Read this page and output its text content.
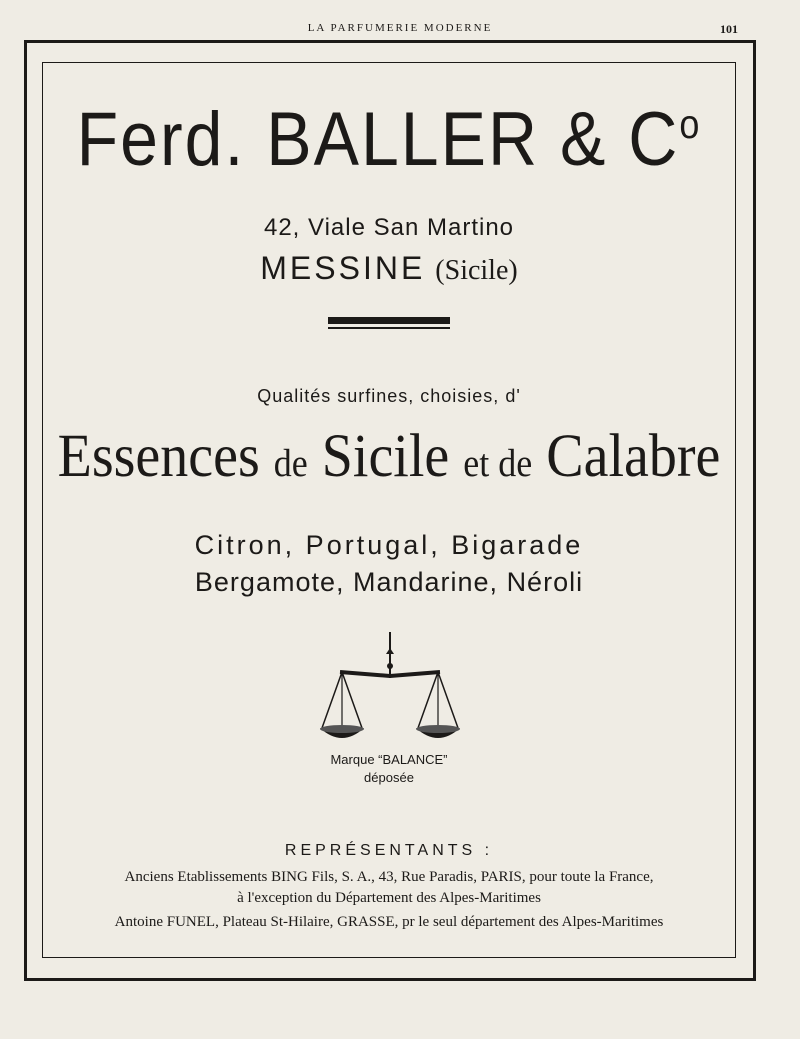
LA PARFUMERIE MODERNE	101
Ferd. BALLER & $C^o$
42, Viale San Martino
MESSINE (Sicile)
Qualités surfines, choisies, d'
Essences de Sicile et de Calabre
Citron, Portugal, Bigarade
Bergamote, Mandarine, Néroli
Marque “BALANCE”
déposée
REPRÉSENTANTS :
Anciens Etablissements BING Fils, S. A., 43, Rue Paradis, PARIS, pour toute la France,
à l'exception du Département des Alpes-Maritimes
Antoine FUNEL, Plateau St-Hilaire, GRASSE, pr le seul département des Alpes-Maritimes
